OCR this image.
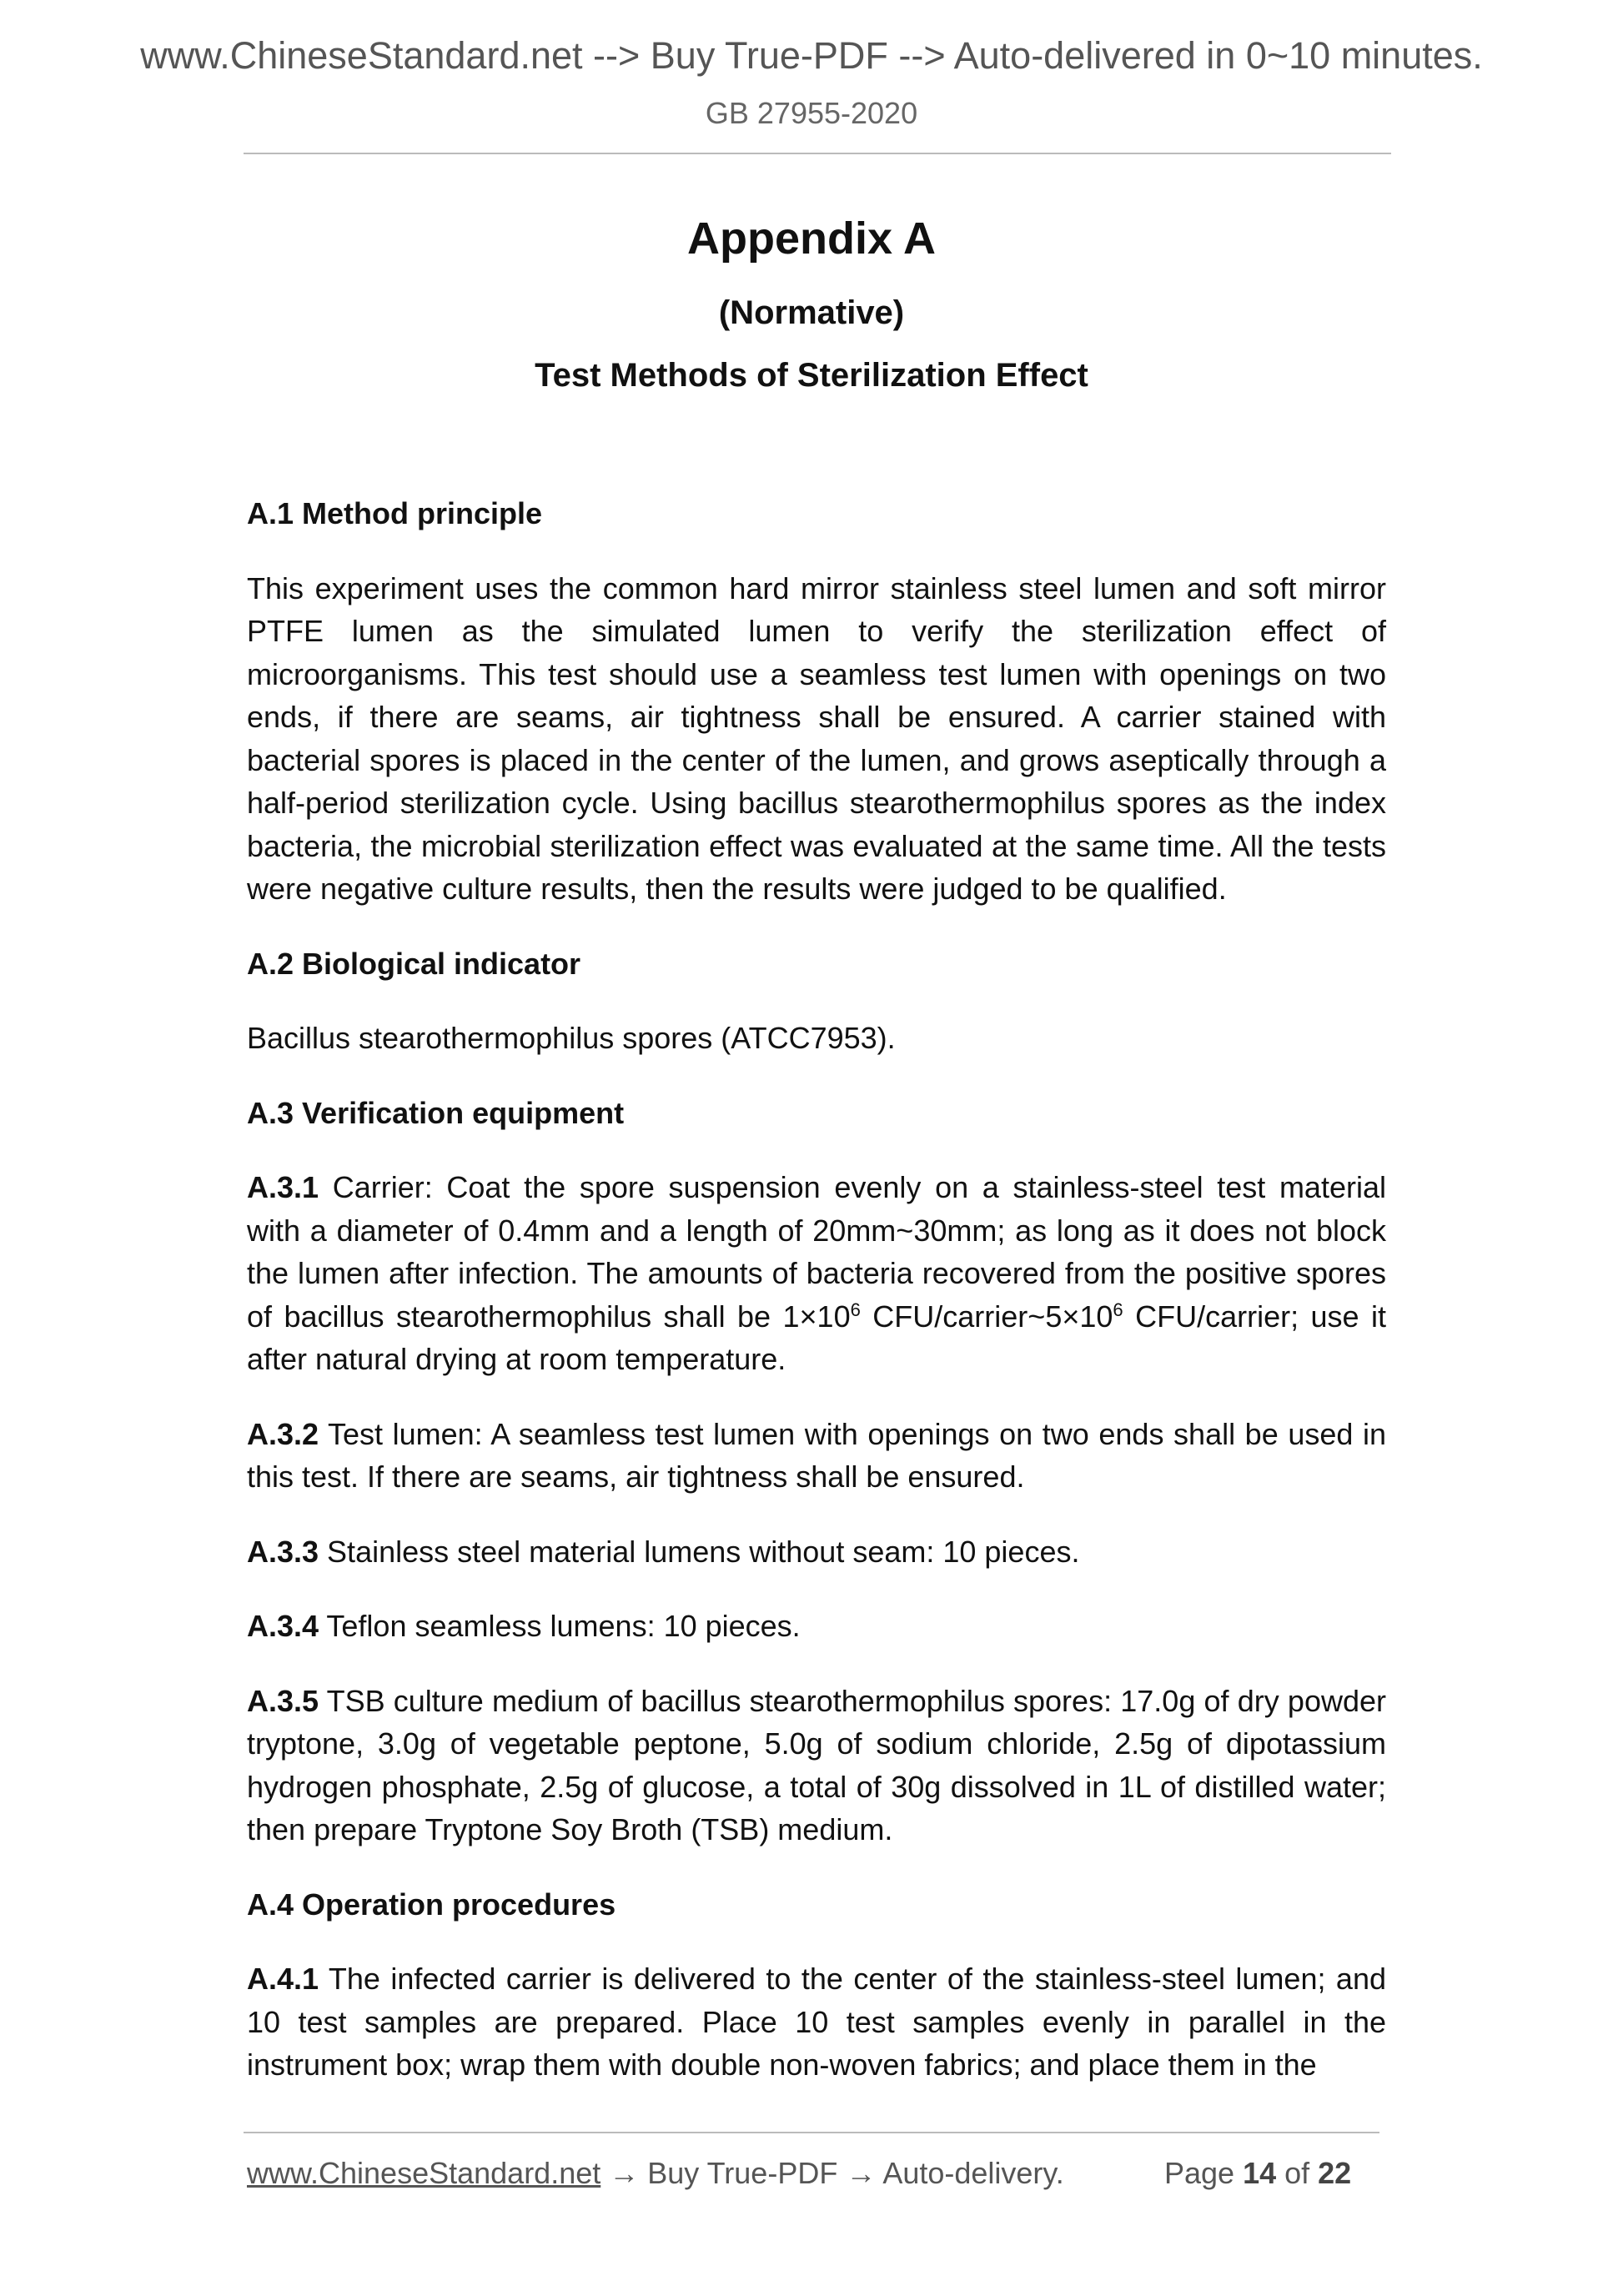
www.ChineseStandard.net --> Buy True-PDF --> Auto-delivered in 0~10 minutes.
GB 27955-2020
Appendix A
(Normative)
Test Methods of Sterilization Effect
A.1 Method principle
This experiment uses the common hard mirror stainless steel lumen and soft mirror PTFE lumen as the simulated lumen to verify the sterilization effect of microorganisms. This test should use a seamless test lumen with openings on two ends, if there are seams, air tightness shall be ensured. A carrier stained with bacterial spores is placed in the center of the lumen, and grows aseptically through a half-period sterilization cycle. Using bacillus stearothermophilus spores as the index bacteria, the microbial sterilization effect was evaluated at the same time. All the tests were negative culture results, then the results were judged to be qualified.
A.2 Biological indicator
Bacillus stearothermophilus spores (ATCC7953).
A.3 Verification equipment
A.3.1 Carrier: Coat the spore suspension evenly on a stainless-steel test material with a diameter of 0.4mm and a length of 20mm~30mm; as long as it does not block the lumen after infection. The amounts of bacteria recovered from the positive spores of bacillus stearothermophilus shall be $1\times 10^6$ CFU/$carrier\sim 5\times 10^6$ CFU/carrier; use it after natural drying at room temperature.
A.3.2 Test lumen: A seamless test lumen with openings on two ends shall be used in this test. If there are seams, air tightness shall be ensured.
A.3.3 Stainless steel material lumens without seam: 10 pieces.
A.3.4 Teflon seamless lumens: 10 pieces.
A.3.5 TSB culture medium of bacillus stearothermophilus spores: 17.0g of dry powder tryptone, 3.0g of vegetable peptone, 5.0g of sodium chloride, 2.5g of dipotassium hydrogen phosphate, 2.5g of glucose, a total of 30g dissolved in 1L of distilled water; then prepare Tryptone Soy Broth (TSB) medium.
A.4 Operation procedures
A.4.1 The infected carrier is delivered to the center of the stainless-steel lumen; and 10 test samples are prepared. Place 10 test samples evenly in parallel in the instrument box; wrap them with double non-woven fabrics; and place them in the
www.ChineseStandard.net → Buy True-PDF → Auto-delivery.	Page 14 of 22
